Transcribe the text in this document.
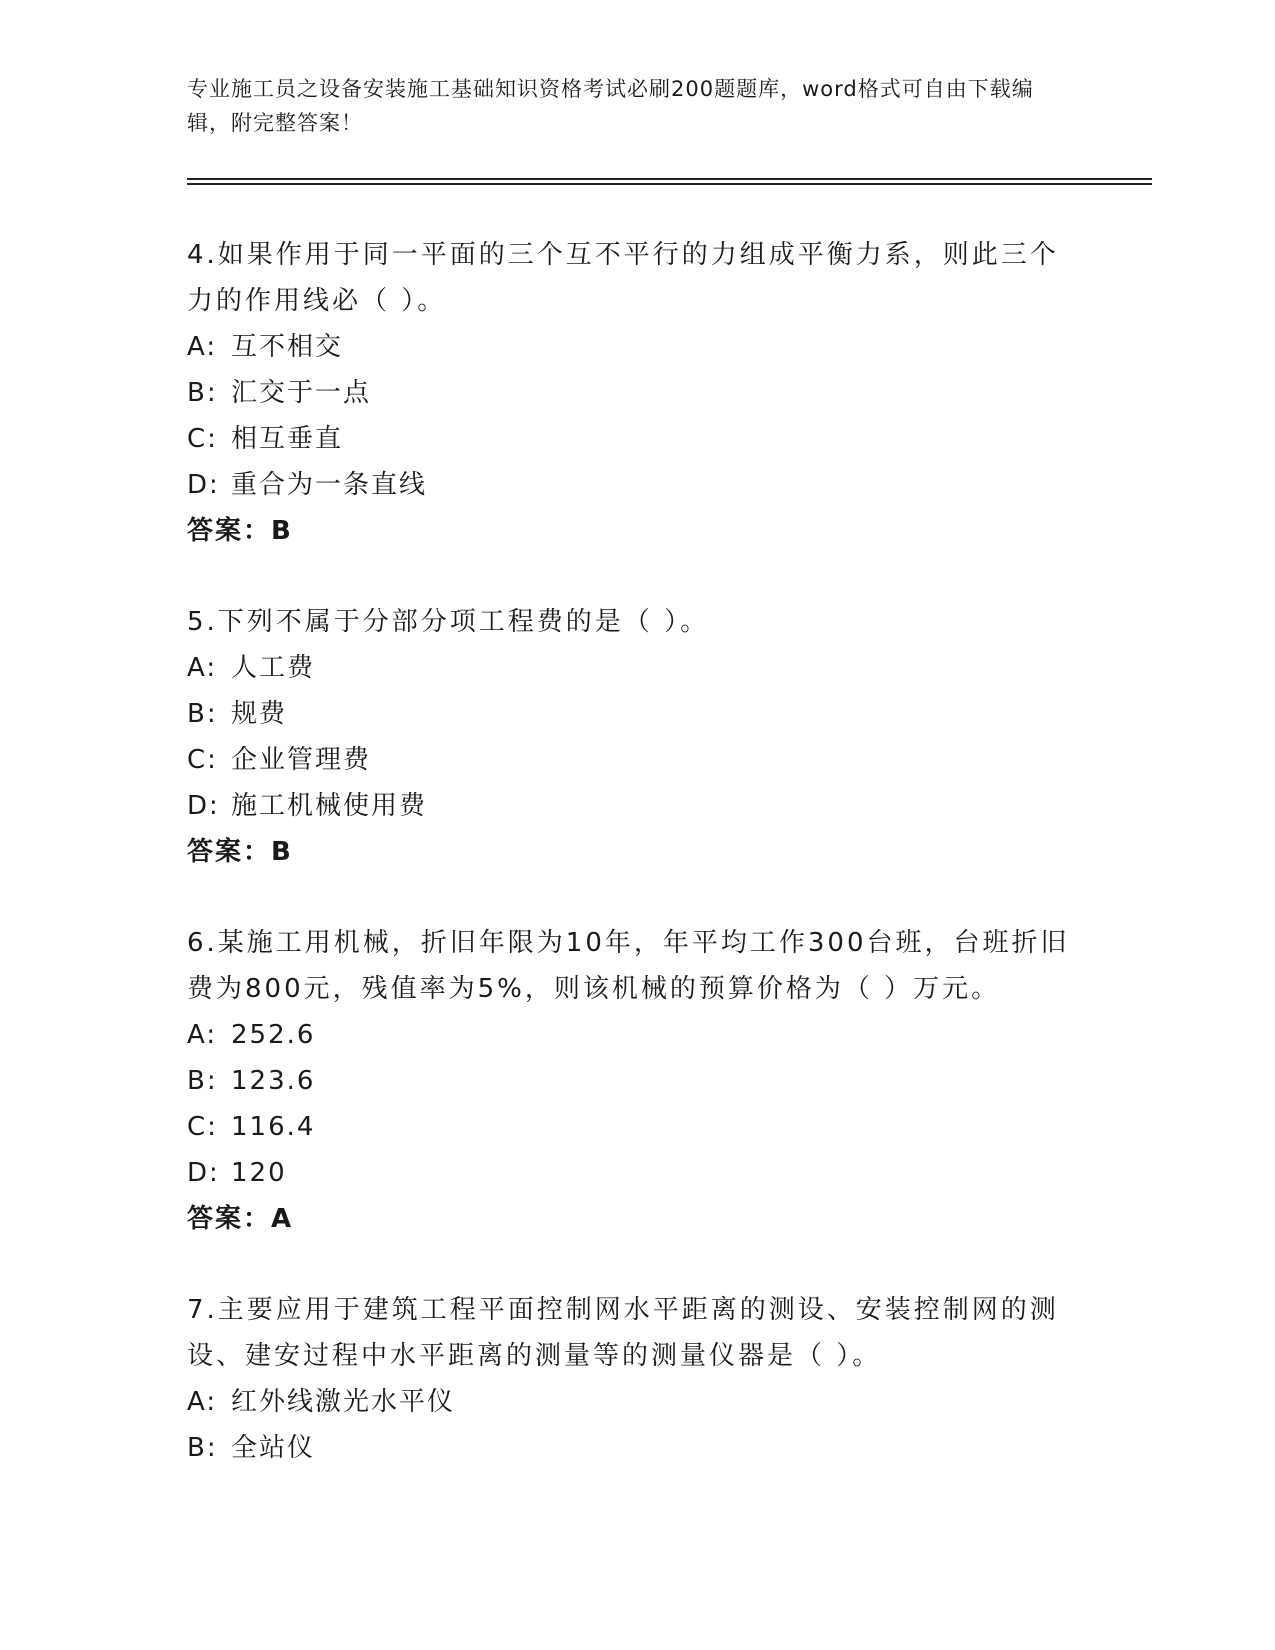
专业施工员之设备安装施工基础知识资格考试必刷200题题库，word格式可自由下载编辑，附完整答案！
4.如果作用于同一平面的三个互不平行的力组成平衡力系，则此三个力的作用线必（ ）。
A: 互不相交
B: 汇交于一点
C: 相互垂直
D: 重合为一条直线
答案：B
5.下列不属于分部分项工程费的是（ ）。
A: 人工费
B: 规费
C: 企业管理费
D: 施工机械使用费
答案：B
6.某施工用机械，折旧年限为10年，年平均工作300台班，台班折旧费为800元，残值率为5%，则该机械的预算价格为（ ）万元。
A: 252.6
B: 123.6
C: 116.4
D: 120
答案：A
7.主要应用于建筑工程平面控制网水平距离的测设、安装控制网的测设、建安过程中水平距离的测量等的测量仪器是（ ）。
A: 红外线激光水平仪
B: 全站仪
